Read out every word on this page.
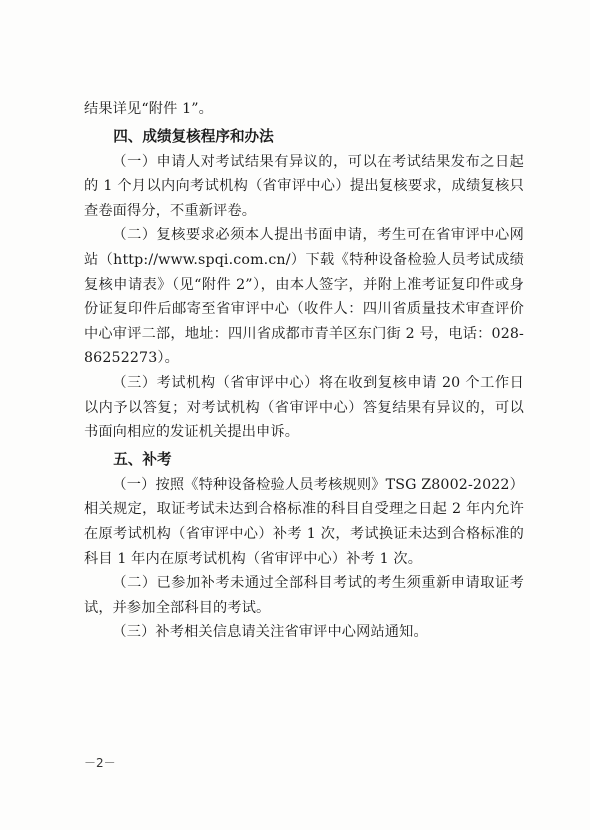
结果详见“附件 1”。

四、成绩复核程序和办法

（一）申请人对考试结果有异议的，可以在考试结果发布之日起的 1 个月以内向考试机构（省审评中心）提出复核要求，成绩复核只查卷面得分，不重新评卷。

（二）复核要求必须本人提出书面申请，考生可在省审评中心网站（http://www.spqi.com.cn/）下载《特种设备检验人员考试成绩复核申请表》（见“附件 2”），由本人签字，并附上准考证复印件或身份证复印件后邮寄至省审评中心（收件人：四川省质量技术审查评价中心审评二部，地址：四川省成都市青羊区东门街 2 号，电话：028-86252273）。

（三）考试机构（省审评中心）将在收到复核申请 20 个工作日以内予以答复；对考试机构（省审评中心）答复结果有异议的，可以书面向相应的发证机关提出申诉。

五、补考

（一）按照《特种设备检验人员考核规则》TSG Z8002-2022）相关规定，取证考试未达到合格标准的科目自受理之日起 2 年内允许在原考试机构（省审评中心）补考 1 次，考试换证未达到合格标准的科目 1 年内在原考试机构（省审评中心）补考 1 次。

（二）已参加补考未通过全部科目考试的考生须重新申请取证考试，并参加全部科目的考试。

（三）补考相关信息请关注省审评中心网站通知。

－2－
